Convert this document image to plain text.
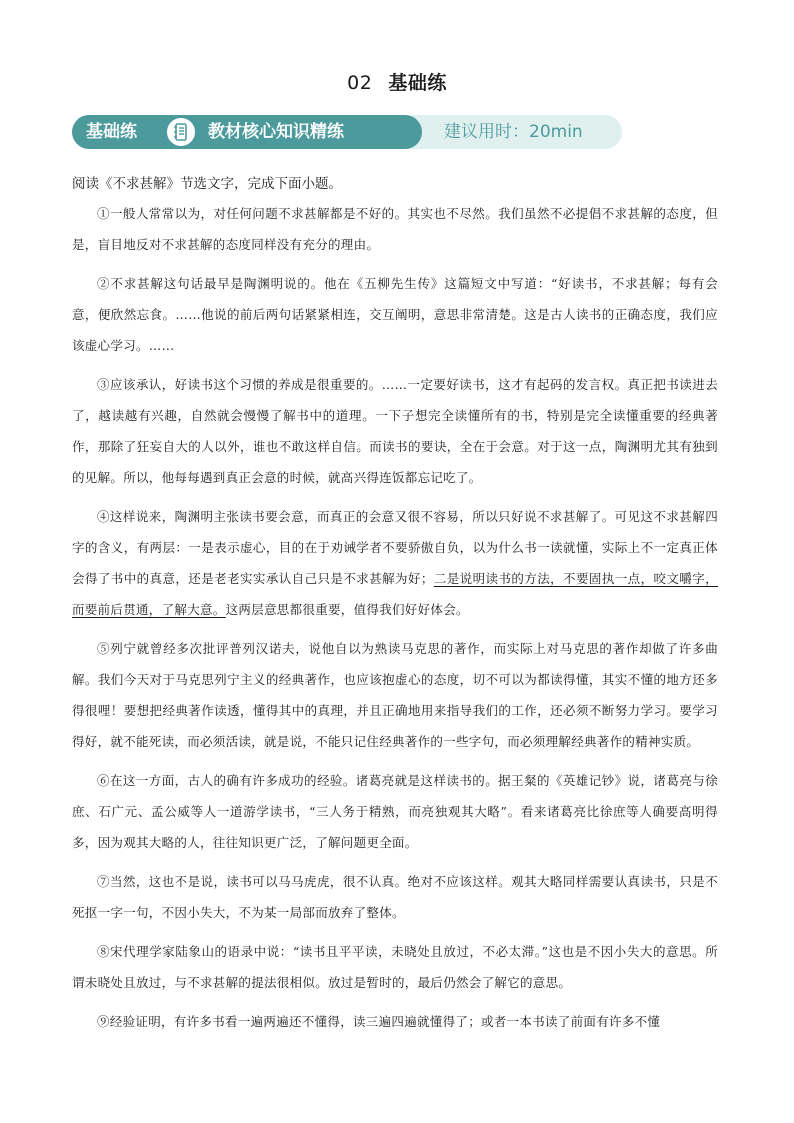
02 基础练
基础练	教材核心知识精练	建议用时：20min
阅读《不求甚解》节选文字，完成下面小题。

①一般人常常以为，对任何问题不求甚解都是不好的。其实也不尽然。我们虽然不必提倡不求甚解的态度，但是，盲目地反对不求甚解的态度同样没有充分的理由。

②不求甚解这句话最早是陶渊明说的。他在《五柳先生传》这篇短文中写道：“好读书，不求甚解；每有会意，便欣然忘食。……他说的前后两句话紧紧相连，交互阐明，意思非常清楚。这是古人读书的正确态度，我们应该虚心学习。……

③应该承认，好读书这个习惯的养成是很重要的。……一定要好读书，这才有起码的发言权。真正把书读进去了，越读越有兴趣，自然就会慢慢了解书中的道理。一下子想完全读懂所有的书，特别是完全读懂重要的经典著作，那除了狂妄自大的人以外，谁也不敢这样自信。而读书的要诀，全在于会意。对于这一点，陶渊明尤其有独到的见解。所以，他每每遇到真正会意的时候，就高兴得连饭都忘记吃了。

④这样说来，陶渊明主张读书要会意，而真正的会意又很不容易，所以只好说不求甚解了。可见这不求甚解四字的含义，有两层：一是表示虚心，目的在于劝诫学者不要骄傲自负，以为什么书一读就懂，实际上不一定真正体会得了书中的真意，还是老老实实承认自己只是不求甚解为好；二是说明读书的方法，不要固执一点，咬文嚼字，而要前后贯通，了解大意。这两层意思都很重要，值得我们好好体会。

⑤列宁就曾经多次批评普列汉诺夫，说他自以为熟读马克思的著作，而实际上对马克思的著作却做了许多曲解。我们今天对于马克思列宁主义的经典著作，也应该抱虚心的态度，切不可以为都读得懂，其实不懂的地方还多得很哩！要想把经典著作读透，懂得其中的真理，并且正确地用来指导我们的工作，还必须不断努力学习。要学习得好，就不能死读，而必须活读，就是说，不能只记住经典著作的一些字句，而必须理解经典著作的精神实质。

⑥在这一方面，古人的确有许多成功的经验。诸葛亮就是这样读书的。据王粲的《英雄记钞》说，诸葛亮与徐庶、石广元、孟公威等人一道游学读书，“三人务于精熟，而亮独观其大略”。看来诸葛亮比徐庶等人确要高明得多，因为观其大略的人，往往知识更广泛，了解问题更全面。

⑦当然，这也不是说，读书可以马马虎虎，很不认真。绝对不应该这样。观其大略同样需要认真读书，只是不死抠一字一句，不因小失大，不为某一局部而放弃了整体。

⑧宋代理学家陆象山的语录中说：“读书且平平读，未晓处且放过，不必太滞。”这也是不因小失大的意思。所谓未晓处且放过，与不求甚解的提法很相似。放过是暂时的，最后仍然会了解它的意思。

⑨经验证明，有许多书看一遍两遍还不懂得，读三遍四遍就懂得了；或者一本书读了前面有许多不懂
